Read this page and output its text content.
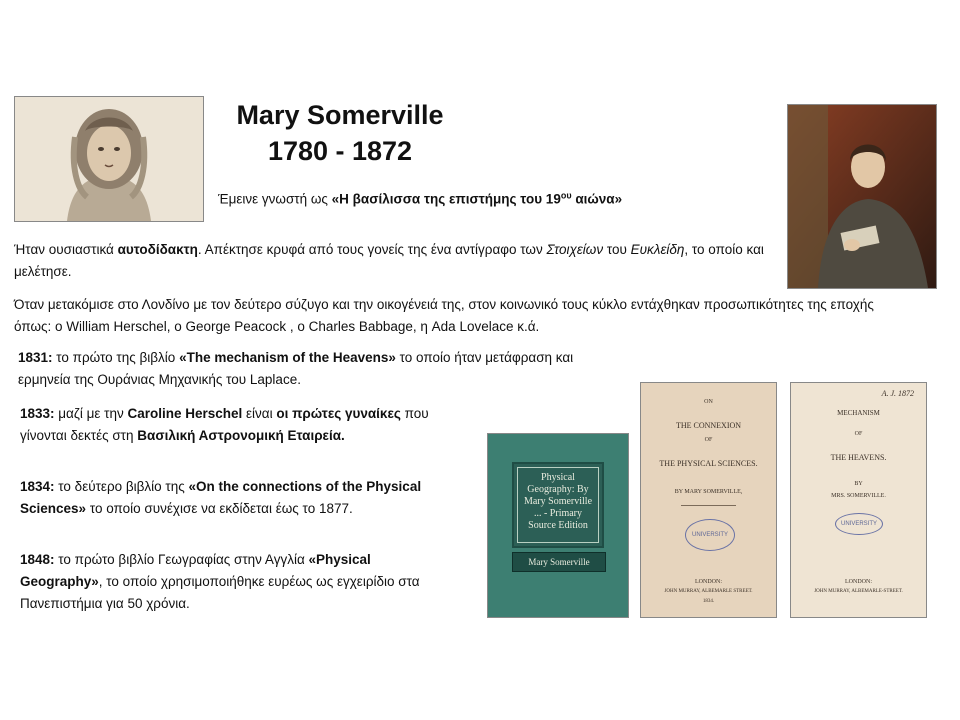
Mary Somerville
1780 - 1872
Έμεινε γνωστή ως «Η βασίλισσα της επιστήμης του $19^{o\upsilon}$ αιώνα»
Ήταν ουσιαστικά αυτοδίδακτη. Απέκτησε κρυφά από τους γονείς της ένα αντίγραφο των Στοιχείων του Ευκλείδη, το οποίο και μελέτησε.
Όταν μετακόμισε στο Λονδίνο με τον δεύτερο σύζυγο και την οικογένειά της, στον κοινωνικό τους κύκλο εντάχθηκαν προσωπικότητες της εποχής όπως: ο William Herschel, ο George Peacock , ο Charles Babbage, η Ada Lovelace κ.ά.
1831: το πρώτο της βιβλίο «The mechanism of the Heavens» το οποίο ήταν μετάφραση και ερμηνεία της Ουράνιας Μηχανικής του Laplace.
1833: μαζί με την Caroline Herschel είναι οι πρώτες γυναίκες που γίνονται δεκτές στη Βασιλική Αστρονομική Εταιρεία.
1834: το δεύτερο βιβλίο της «On the connections of the Physical Sciences» το οποίο συνέχισε να εκδίδεται έως το 1877.
1848: το πρώτο βιβλίο Γεωγραφίας στην Αγγλία «Physical Geography», το οποίο χρησιμοποιήθηκε ευρέως ως εγχειρίδιο στα Πανεπιστήμια για 50 χρόνια.
Physical Geography: By Mary Somerville ... - Primary Source Edition
Mary Somerville
ON
THE CONNEXION
OF
THE PHYSICAL SCIENCES.
BY MARY SOMERVILLE,
UNIVERSITY
LONDON:
JOHN MURRAY, ALBEMARLE STREET.
1834.
A. J. 1872
MECHANISM
OF
THE HEAVENS.
BY
MRS. SOMERVILLE.
UNIVERSITY
LONDON:
JOHN MURRAY, ALBEMARLE-STREET.
